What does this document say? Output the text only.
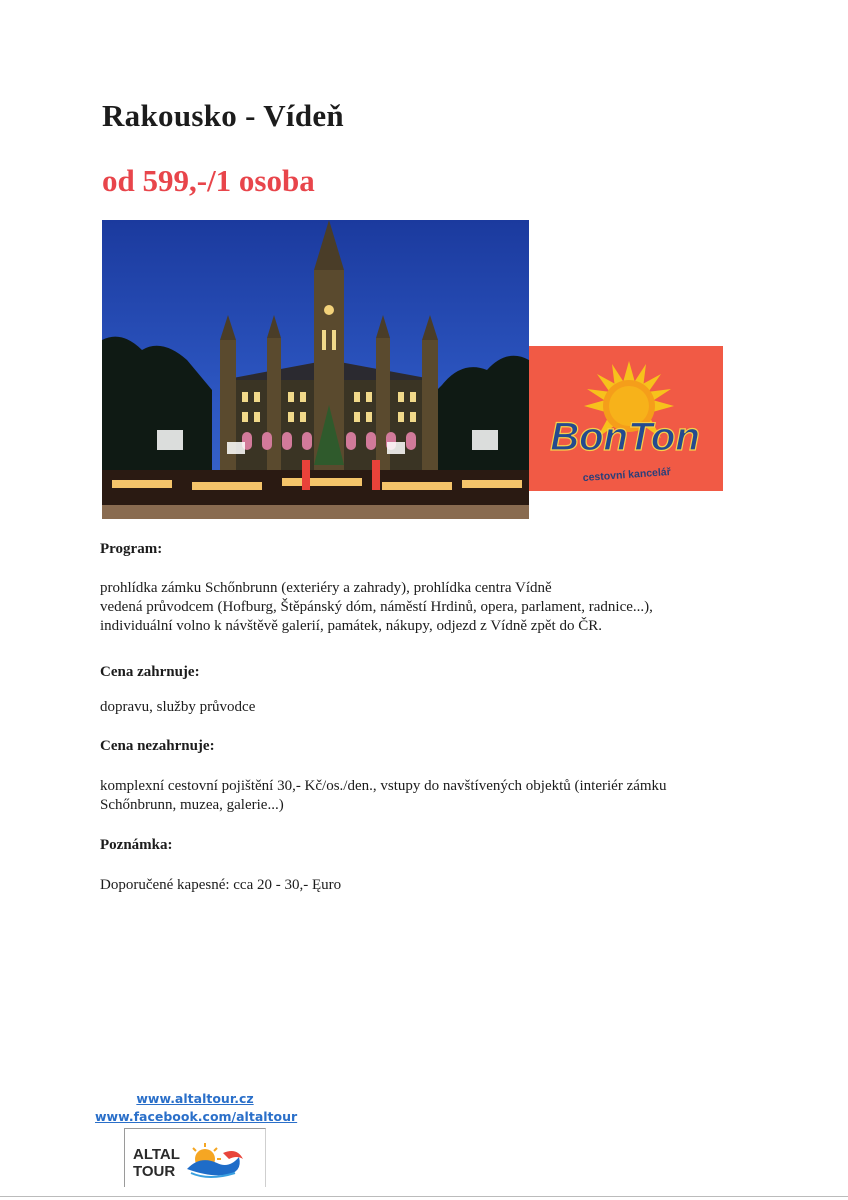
Rakousko - Vídeň
od 599,-/1 osoba
BonTon
cestovní kancelář
Program:
prohlídka zámku Schőnbrunn (exteriéry a zahrady), prohlídka centra Vídně
vedená průvodcem (Hofburg, Štěpánský dóm, náměstí Hrdinů, opera, parlament, radnice...),
individuální volno k návštěvě galerií, památek, nákupy, odjezd z Vídně zpět do ČR.
Cena zahrnuje:
dopravu, služby průvodce
Cena nezahrnuje:
komplexní cestovní pojištění 30,- Kč/os./den., vstupy do navštívených objektů (interiér zámku
Schőnbrunn, muzea, galerie...)
Poznámka:
Doporučené kapesné: cca 20 - 30,- Ęuro
www.altaltour.cz
www.facebook.com/altaltour
ALTAL
TOUR
